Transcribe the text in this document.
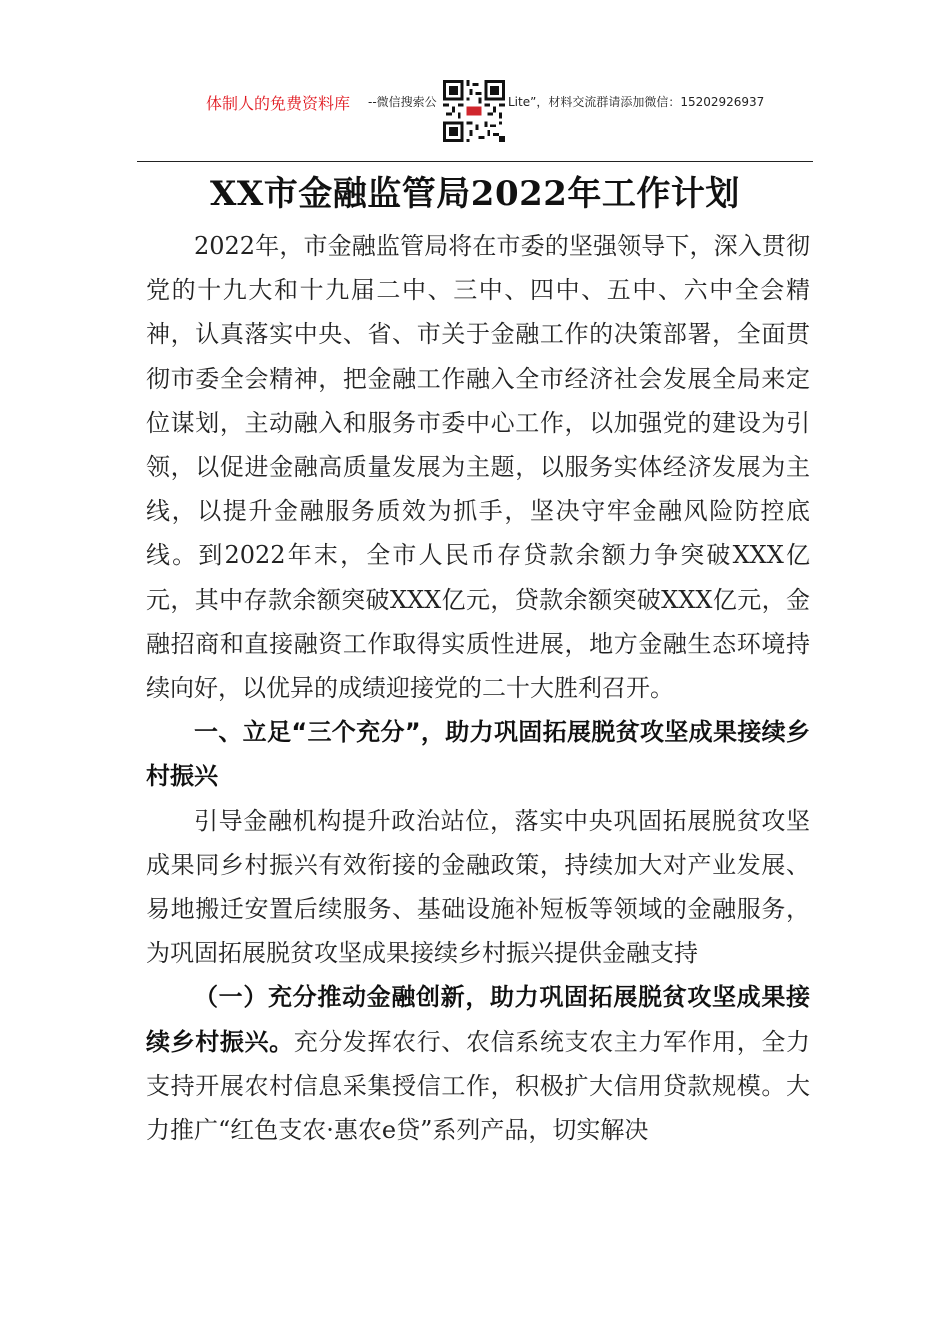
体制人的免费资料库 --微信搜索公	Lite”，材料交流群请添加微信：15202926937
XX市金融监管局2022年工作计划

2022年，市金融监管局将在市委的坚强领导下，深入贯彻党的十九大和十九届二中、三中、四中、五中、六中全会精神，认真落实中央、省、市关于金融工作的决策部署，全面贯彻市委全会精神，把金融工作融入全市经济社会发展全局来定位谋划，主动融入和服务市委中心工作，以加强党的建设为引领，以促进金融高质量发展为主题，以服务实体经济发展为主线，以提升金融服务质效为抓手，坚决守牢金融风险防控底线。到2022年末，全市人民币存贷款余额力争突破XXX亿元，其中存款余额突破XXX亿元，贷款余额突破XXX亿元，金融招商和直接融资工作取得实质性进展，地方金融生态环境持续向好，以优异的成绩迎接党的二十大胜利召开。

一、立足“三个充分”，助力巩固拓展脱贫攻坚成果接续乡村振兴

引导金融机构提升政治站位，落实中央巩固拓展脱贫攻坚成果同乡村振兴有效衔接的金融政策，持续加大对产业发展、易地搬迁安置后续服务、基础设施补短板等领域的金融服务，为巩固拓展脱贫攻坚成果接续乡村振兴提供金融支持

（一）充分推动金融创新，助力巩固拓展脱贫攻坚成果接续乡村振兴。充分发挥农行、农信系统支农主力军作用，全力支持开展农村信息采集授信工作，积极扩大信用贷款规模。大力推广“红色支农·惠农e贷”系列产品，切实解决
